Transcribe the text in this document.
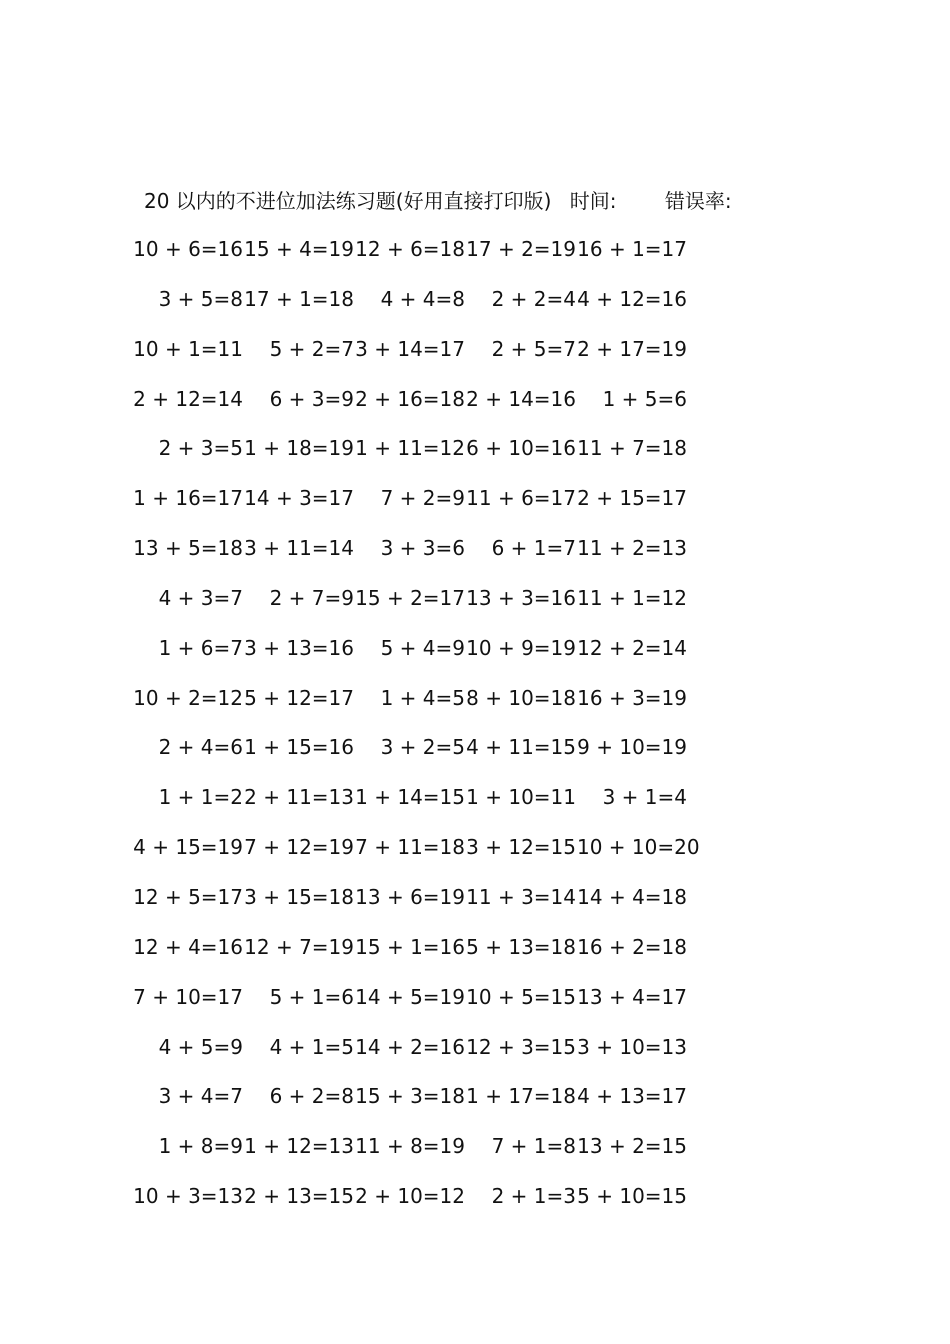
20 以内的不进位加法练习题(好用直接打印版) 时间: 错误率:
10 + 6=16 15 + 4=19 12 + 6=18 17 + 2=19 16 + 1=17
3 + 5=8 17 + 1=18	4 + 4=8	2 + 2=4 4 + 12=16
10 + 1=11	5 + 2=7 3 + 14=17	2 + 5=7 2 + 17=19
2 + 12=14	6 + 3=9 2 + 16=18 2 + 14=16	1 + 5=6
2 + 3=5 1 + 18=19 1 + 11=12 6 + 10=16 11 + 7=18
1 + 16=17 14 + 3=17	7 + 2=9 11 + 6=17 2 + 15=17
13 + 5=18 3 + 11=14	3 + 3=6	6 + 1=7 11 + 2=13
4 + 3=7	2 + 7=9 15 + 2=17 13 + 3=16 11 + 1=12
1 + 6=7 3 + 13=16	5 + 4=9 10 + 9=19 12 + 2=14
10 + 2=12 5 + 12=17	1 + 4=5 8 + 10=18 16 + 3=19
2 + 4=6 1 + 15=16	3 + 2=5 4 + 11=15 9 + 10=19
1 + 1=2 2 + 11=13 1 + 14=15 1 + 10=11	3 + 1=4
4 + 15=19 7 + 12=19 7 + 11=18 3 + 12=15 10 + 10=20
12 + 5=17 3 + 15=18 13 + 6=19 11 + 3=14 14 + 4=18
12 + 4=16 12 + 7=19 15 + 1=16 5 + 13=18 16 + 2=18
7 + 10=17	5 + 1=6 14 + 5=19 10 + 5=15 13 + 4=17
4 + 5=9	4 + 1=5 14 + 2=16 12 + 3=15 3 + 10=13
3 + 4=7	6 + 2=8 15 + 3=18 1 + 17=18 4 + 13=17
1 + 8=9 1 + 12=13 11 + 8=19	7 + 1=8 13 + 2=15
10 + 3=13 2 + 13=15 2 + 10=12	2 + 1=3 5 + 10=15
